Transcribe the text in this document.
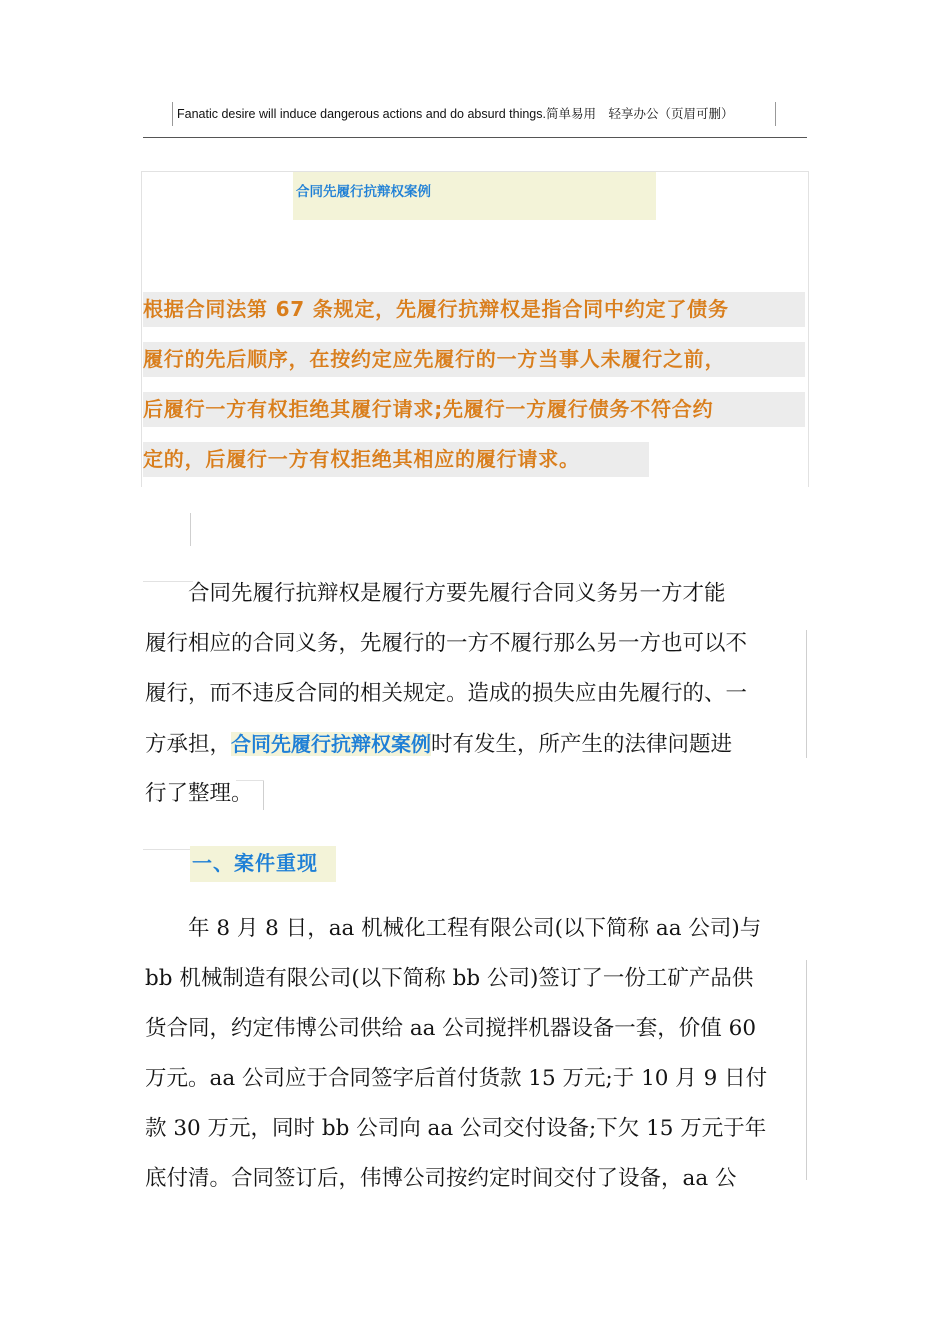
Fanatic desire will induce dangerous actions and do absurd things.简单易用　轻享办公（页眉可删）
合同先履行抗辩权案例
根据合同法第 67 条规定，先履行抗辩权是指合同中约定了债务
履行的先后顺序，在按约定应先履行的一方当事人未履行之前，
后履行一方有权拒绝其履行请求;先履行一方履行债务不符合约
定的，后履行一方有权拒绝其相应的履行请求。
　　合同先履行抗辩权是履行方要先履行合同义务另一方才能
履行相应的合同义务，先履行的一方不履行那么另一方也可以不
履行，而不违反合同的相关规定。造成的损失应由先履行的、一
方承担，合同先履行抗辩权案例时有发生，所产生的法律问题进
行了整理。
一、案件重现
　　年 8 月 8 日，aa 机械化工程有限公司(以下简称 aa 公司)与
bb 机械制造有限公司(以下简称 bb 公司)签订了一份工矿产品供
货合同，约定伟博公司供给 aa 公司搅拌机器设备一套，价值 60
万元。aa 公司应于合同签字后首付货款 15 万元;于 10 月 9 日付
款 30 万元，同时 bb 公司向 aa 公司交付设备;下欠 15 万元于年
底付清。合同签订后，伟博公司按约定时间交付了设备，aa 公
